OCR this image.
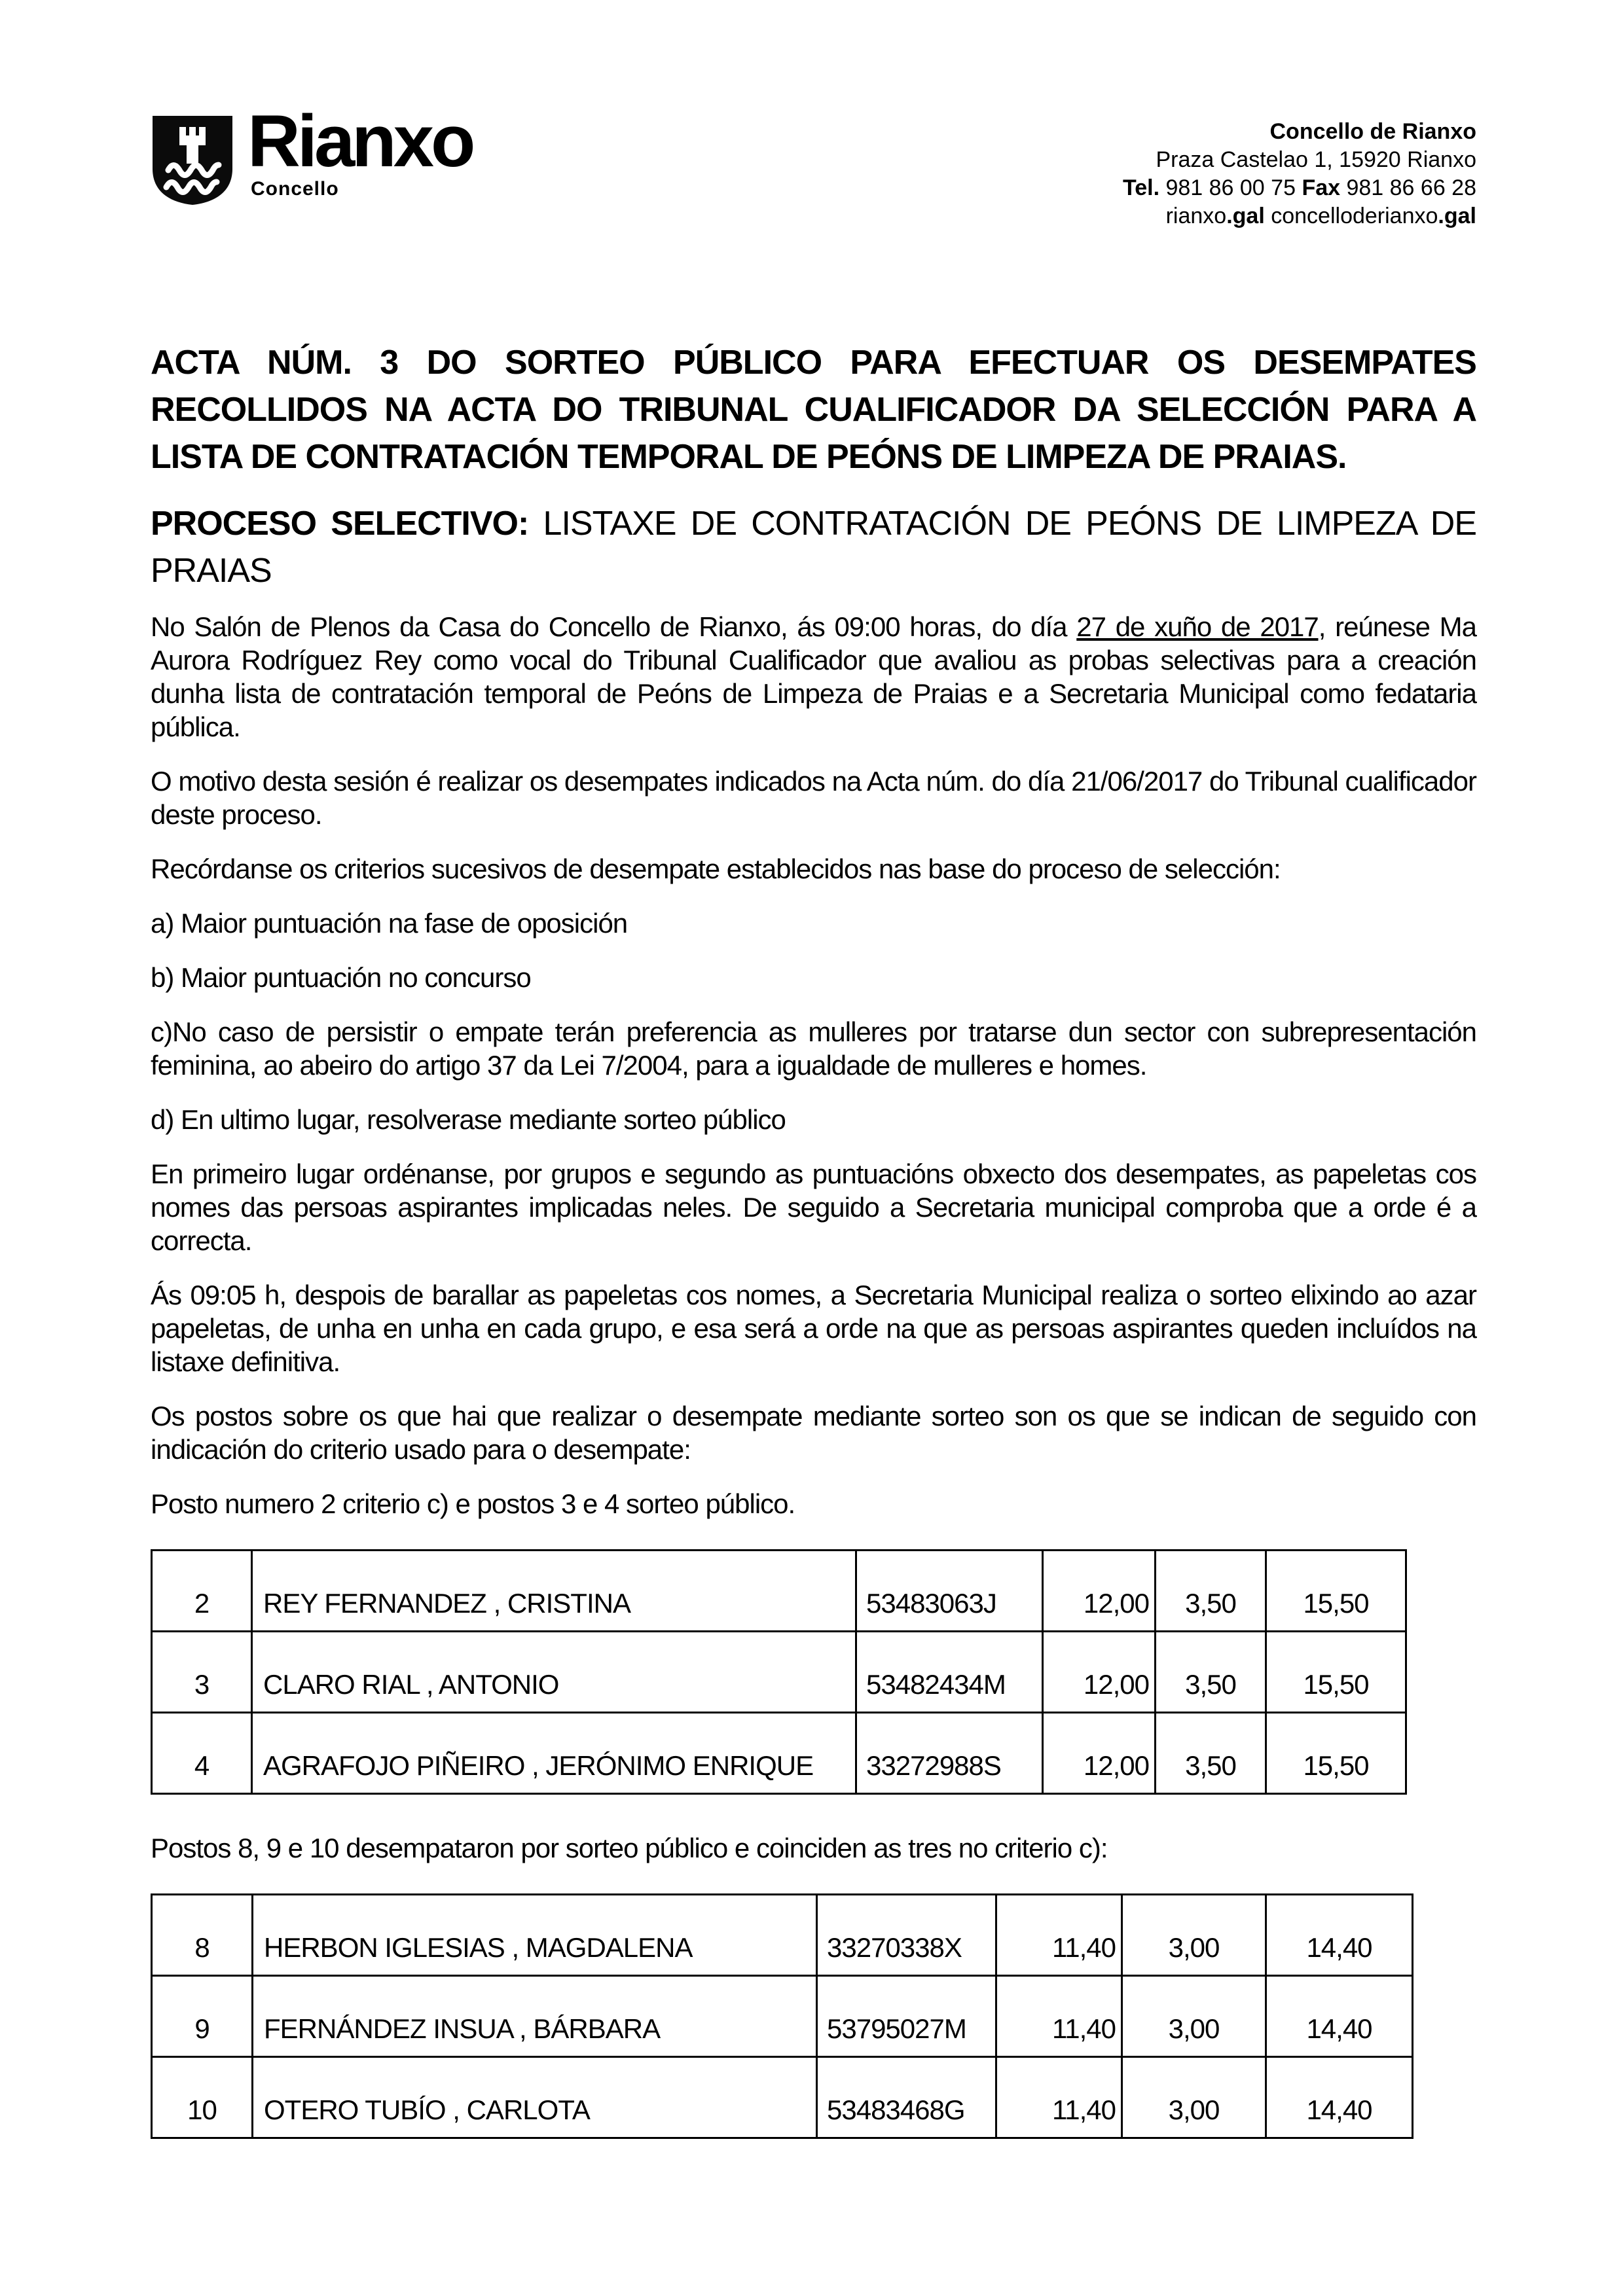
Rianxo
Concello
Concello de Rianxo
Praza Castelao 1, 15920 Rianxo
Tel. 981 86 00 75 Fax 981 86 66 28
rianxo.gal concelloderianxo.gal
ACTA NÚM. 3 DO SORTEO PÚBLICO PARA EFECTUAR OS DESEMPATES RECOLLIDOS NA ACTA DO TRIBUNAL CUALIFICADOR DA SELECCIÓN PARA A LISTA DE CONTRATACIÓN TEMPORAL DE PEÓNS DE LIMPEZA DE PRAIAS.
PROCESO SELECTIVO: LISTAXE DE CONTRATACIÓN DE PEÓNS DE LIMPEZA DE PRAIAS

No Salón de Plenos da Casa do Concello de Rianxo, ás 09:00 horas, do día 27 de xuño de 2017, reúnese Ma Aurora Rodríguez Rey como vocal do Tribunal Cualificador que avaliou as probas selectivas para a creación dunha lista de contratación temporal de Peóns de Limpeza de Praias e a Secretaria Municipal como fedataria pública.

O motivo desta sesión é realizar os desempates indicados na Acta núm. do día 21/06/2017 do Tribunal cualificador deste proceso.

Recórdanse os criterios sucesivos de desempate establecidos nas base do proceso de selección:

a) Maior puntuación na fase de oposición

b) Maior puntuación no concurso

c)No caso de persistir o empate terán preferencia as mulleres por tratarse dun sector con subrepresentación feminina, ao abeiro do artigo 37 da Lei 7/2004, para a igualdade de mulleres e homes.

d) En ultimo lugar, resolverase mediante sorteo público

En primeiro lugar ordénanse, por grupos e segundo as puntuacións obxecto dos desempates, as papeletas cos nomes das persoas aspirantes implicadas neles. De seguido a Secretaria municipal comproba que a orde é a correcta.

Ás 09:05 h, despois de barallar as papeletas cos nomes, a Secretaria Municipal realiza o sorteo elixindo ao azar papeletas, de unha en unha en cada grupo, e esa será a orde na que as persoas aspirantes queden incluídos na listaxe definitiva.

Os postos sobre os que hai que realizar o desempate mediante sorteo son os que se indican de seguido con indicación do criterio usado para o desempate:

Posto numero 2 criterio c) e postos 3 e 4 sorteo público.

2	REY FERNANDEZ , CRISTINA	53483063J	12,00	3,50	15,50
3	CLARO RIAL , ANTONIO	53482434M	12,00	3,50	15,50
4	AGRAFOJO PIÑEIRO , JERÓNIMO ENRIQUE	33272988S	12,00	3,50	15,50

Postos 8, 9 e 10 desempataron por sorteo público e coinciden as tres no criterio c):

8	HERBON IGLESIAS , MAGDALENA	33270338X	11,40	3,00	14,40
9	FERNÁNDEZ INSUA , BÁRBARA	53795027M	11,40	3,00	14,40
10	OTERO TUBÍO , CARLOTA	53483468G	11,40	3,00	14,40
